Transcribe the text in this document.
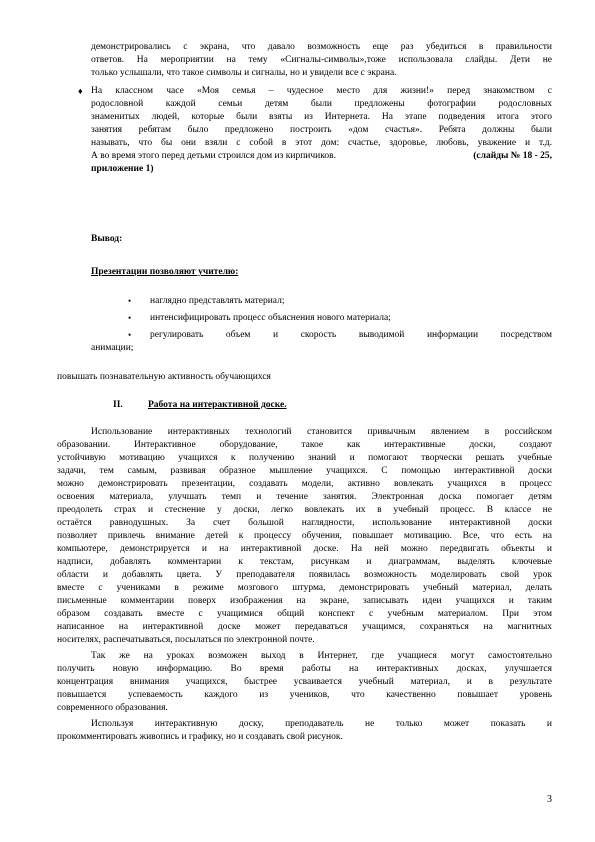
демонстрировались с экрана, что давало возможность еще раз убедиться в правильности

ответов. На мероприятии на тему «Сигналы-символы»,тоже использовала слайды. Дети не

только услышали, что такое символы и сигналы, но и увидели все с экрана.

♦ На классном часе «Моя семья – чудесное место для жизни!» перед знакомством с

родословной каждой семьи детям были предложены фотографии родословных

знаменитых людей, которые были взяты из Интернета. На этапе подведения итога этого

занятия ребятам было предложено построить «дом счастья». Ребята должны были

называть, что бы они взяли с собой в этот дом: счастье, здоровье, любовь, уважение и т.д.

А во время этого перед детьми строился дом из кирпичиков.	(слайды № 18 - 25,

приложение 1)

Вывод:

Презентации позволяют учителю:

• наглядно представлять материал;

• интенсифицировать процесс объяснения нового материала;

• регулировать объем и скорость выводимой информации посредством

анимации;

повышать познавательную активность обучающихся

II.	Работа на интерактивной доске.

Использование интерактивных технологий становится привычным явлением в российском

образовании. Интерактивное оборудование, такое как интерактивные доски, создают

устойчивую мотивацию учащихся к получению знаний и помогают творчески решать учебные

задачи, тем самым, развивая образное мышление учащихся. С помощью интерактивной доски

можно демонстрировать презентации, создавать модели, активно вовлекать учащихся в процесс

освоения материала, улучшать темп и течение занятия. Электронная доска помогает детям

преодолеть страх и стеснение у доски, легко вовлекать их в учебный процесс. В классе не

остаётся равнодушных. За счет большой наглядности, использование интерактивной доски

позволяет привлечь внимание детей к процессу обучения, повышает мотивацию. Все, что есть на

компьютере, демонстрируется и на интерактивной доске. На ней можно передвигать объекты и

надписи, добавлять комментарии к текстам, рисункам и диаграммам, выделять ключевые

области и добавлять цвета. У преподавателя появилась возможность моделировать свой урок

вместе с учениками в режиме мозгового штурма, демонстрировать учебный материал, делать

письменные комментарии поверх изображения на экране, записывать идеи учащихся и таким

образом создавать вместе с учащимися общий конспект с учебным материалом. При этом

написанное на интерактивной доске может передаваться учащимся, сохраняться на магнитных

носителях, распечатываться, посылаться по электронной почте.

Так же на уроках возможен выход в Интернет, где учащиеся могут самостоятельно

получить новую информацию. Во время работы на интерактивных досках, улучшается

концентрация внимания учащихся, быстрее усваивается учебный материал, и в результате

повышается успеваемость каждого из учеников, что качественно повышает уровень

современного образования.

Используя интерактивную доску, преподаватель не только может показать и

прокомментировать живопись и графику, но и создавать свой рисунок.

3
